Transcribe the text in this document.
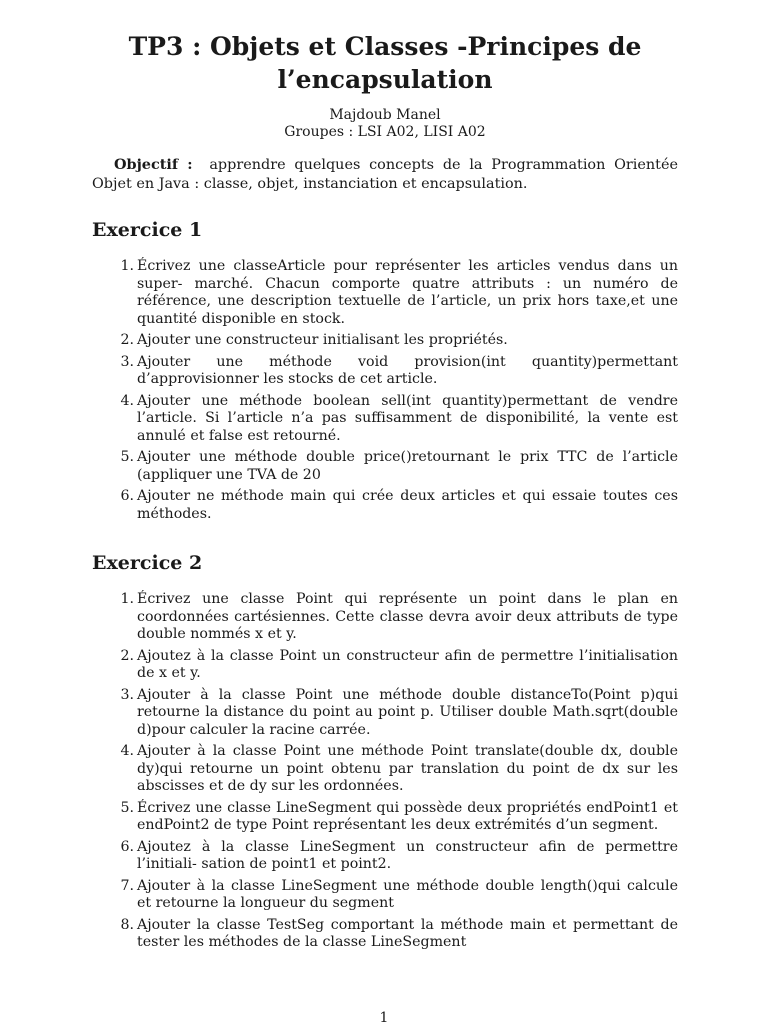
TP3 : Objets et Classes -Principes de
l’encapsulation

Majdoub Manel

Groupes : LSI A02, LISI A02

Objectif : apprendre quelques concepts de la Programmation Orientée Objet en Java : classe, objet, instanciation et encapsulation.

Exercice 1
1. Écrivez une classeArticle pour représenter les articles vendus dans un super- marché. Chacun comporte quatre attributs : un numéro de référence, une description textuelle de l’article, un prix hors taxe,et une quantité disponible en stock.
2. Ajouter une constructeur initialisant les propriétés.
3. Ajouter une méthode void provision(int quantity)permettant d’approvisionner les stocks de cet article.
4. Ajouter une méthode boolean sell(int quantity)permettant de vendre l’article. Si l’article n’a pas suffisamment de disponibilité, la vente est annulé et false est retourné.
5. Ajouter une méthode double price()retournant le prix TTC de l’article (appliquer une TVA de 20
6. Ajouter ne méthode main qui crée deux articles et qui essaie toutes ces méthodes.
Exercice 2
1. Écrivez une classe Point qui représente un point dans le plan en coordonnées cartésiennes. Cette classe devra avoir deux attributs de type double nommés x et y.
2. Ajoutez à la classe Point un constructeur afin de permettre l’initialisation de x et y.
3. Ajouter à la classe Point une méthode double distanceTo(Point p)qui retourne la distance du point au point p. Utiliser double Math.sqrt(double d)pour calculer la racine carrée.
4. Ajouter à la classe Point une méthode Point translate(double dx, double dy)qui retourne un point obtenu par translation du point de dx sur les abscisses et de dy sur les ordonnées.
5. Écrivez une classe LineSegment qui possède deux propriétés endPoint1 et endPoint2 de type Point représentant les deux extrémités d’un segment.
6. Ajoutez à la classe LineSegment un constructeur afin de permettre l’initiali- sation de point1 et point2.
7. Ajouter à la classe LineSegment une méthode double length()qui calcule et retourne la longueur du segment
8. Ajouter la classe TestSeg comportant la méthode main et permettant de tester les méthodes de la classe LineSegment
1
